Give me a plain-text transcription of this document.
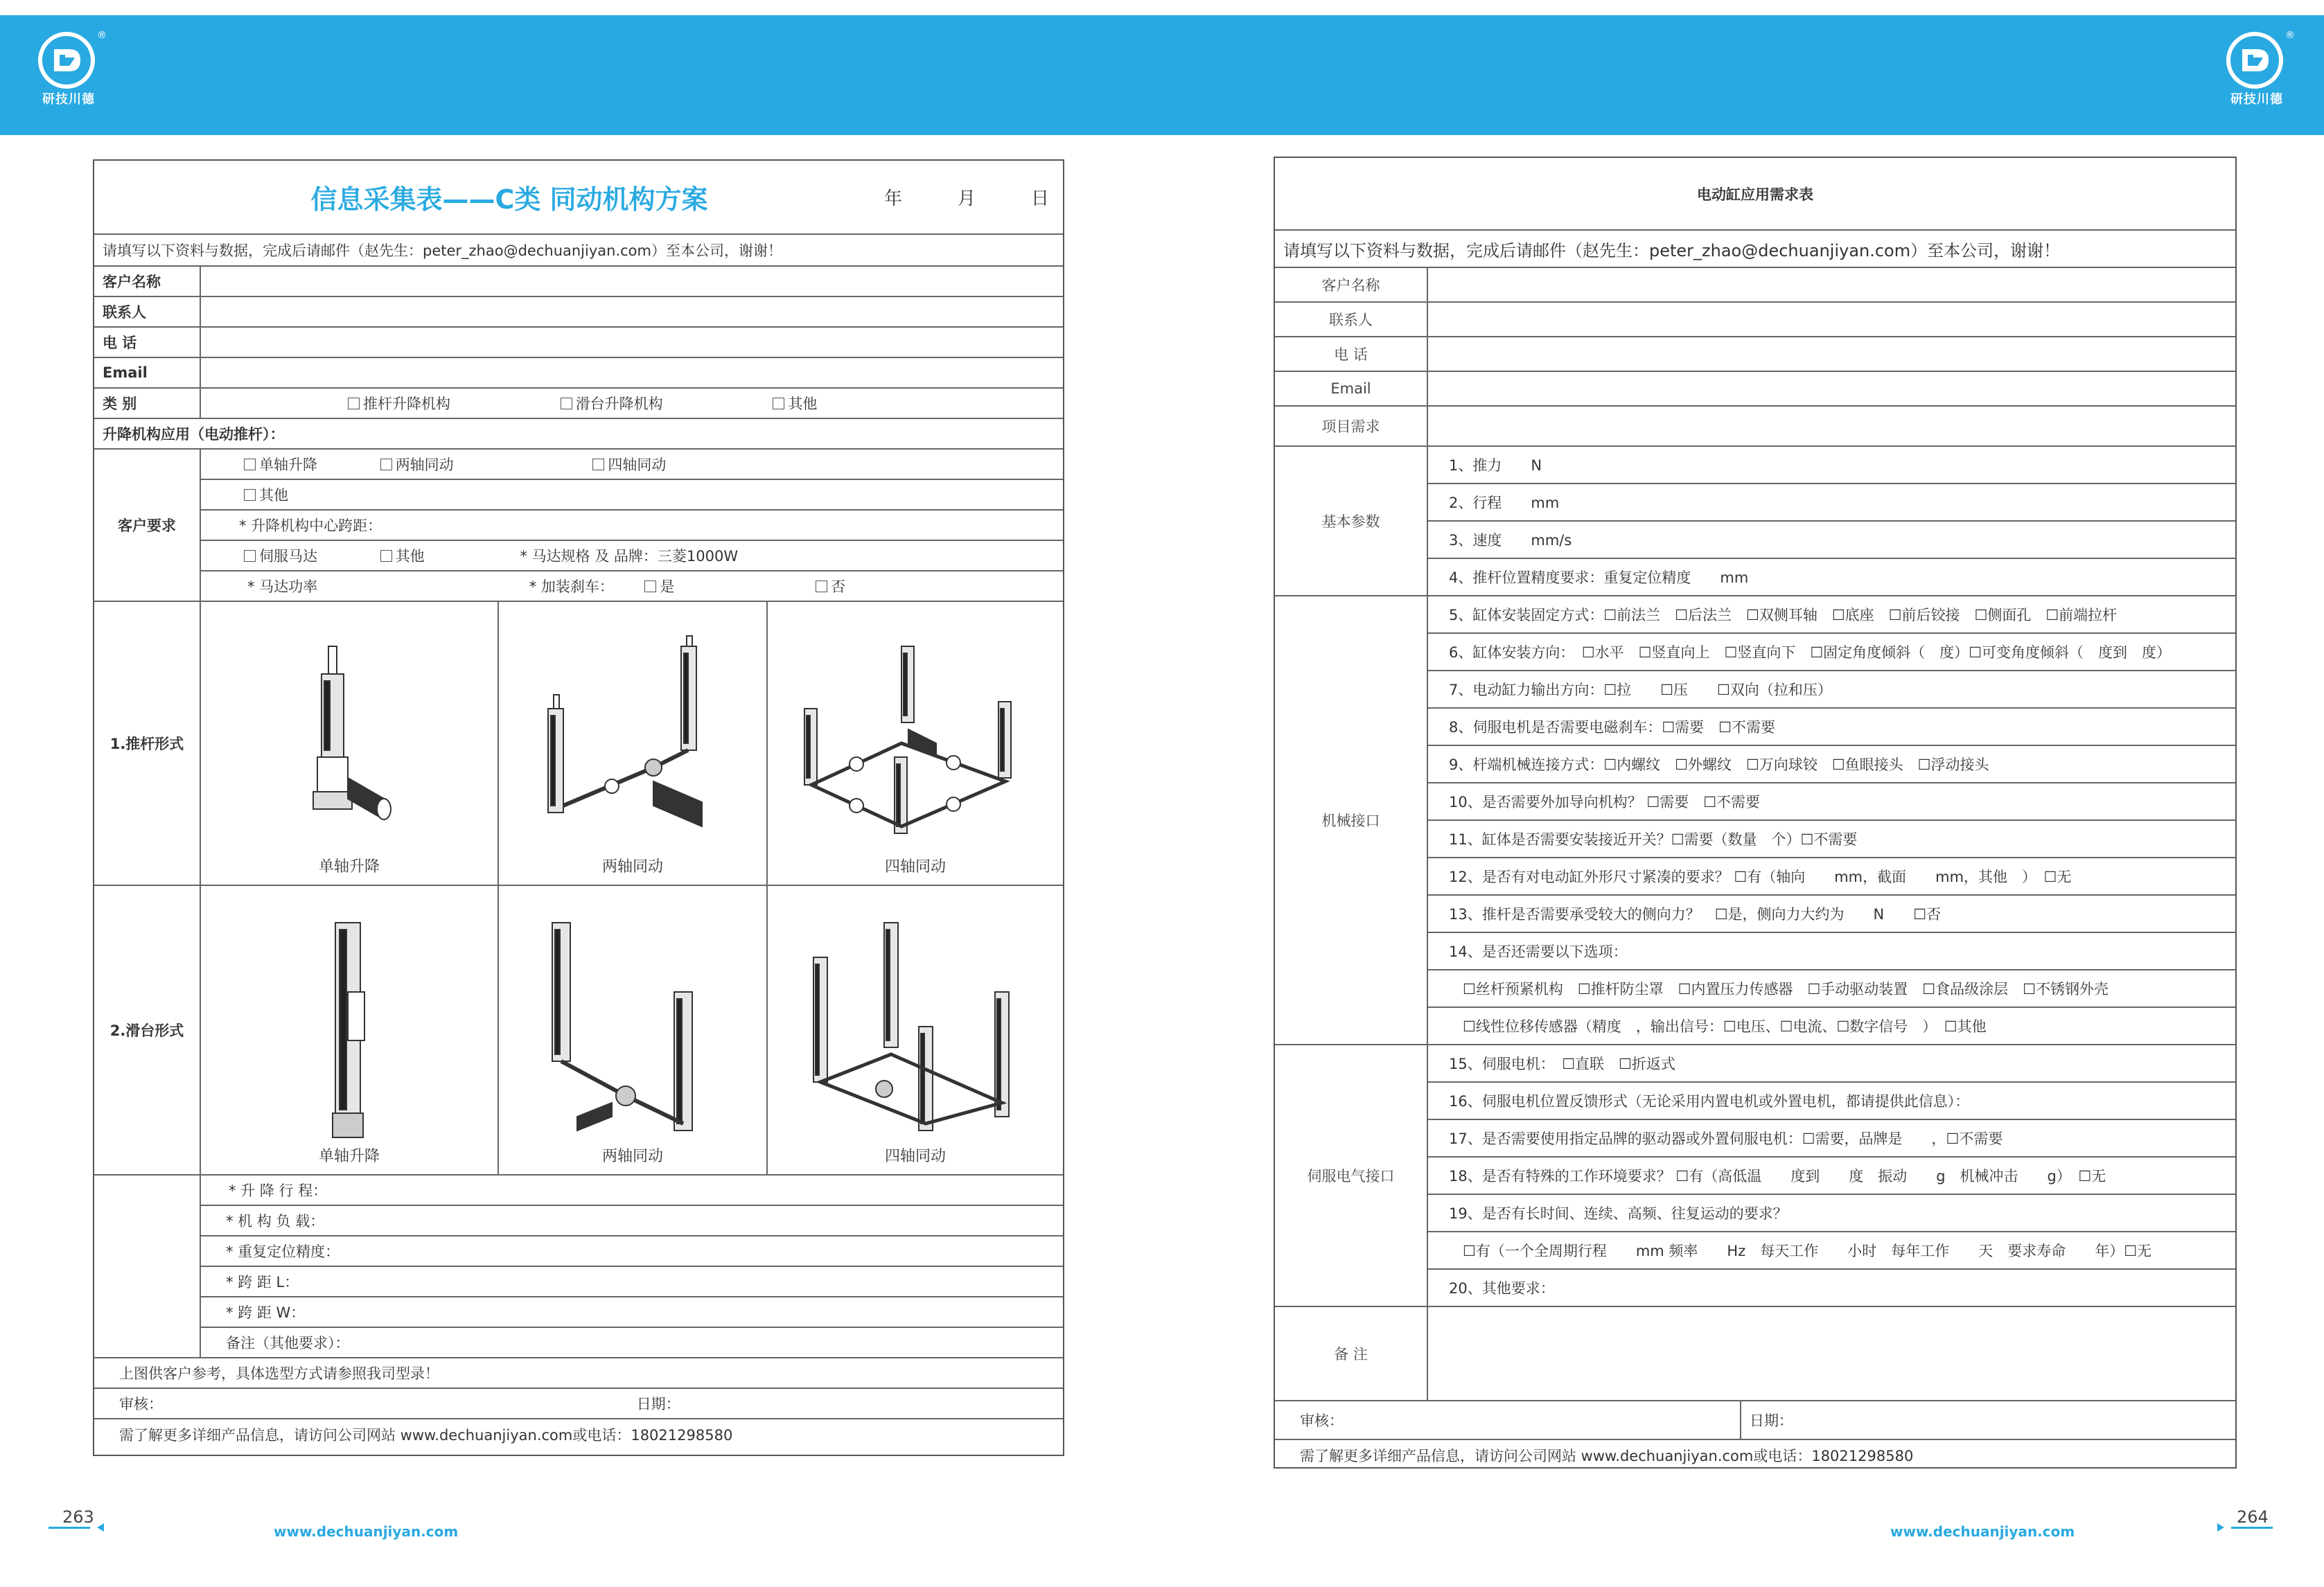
研技川德
®
研技川德
®
信息采集表——C类 同动机构方案 年 月 日			

请填写以下资料与数据，完成后请邮件（赵先生：peter_zhao@dechuanjiyan.com）至本公司，谢谢！			
客户名称			
联系人			
电 话			
Email			
类 别	推杆升降机构 滑台升降机构 其他		
升降机构应用（电动推杆）：			
客户要求	单轴升降 两轴同动 四轴同动		
	其他		
	* 升降机构中心跨距：		
	伺服马达 其他 * 马达规格 及 品牌：三菱1000W		
	* 马达功率 * 加装刹车： 是 否		
1.推杆形式	单轴升降	两轴同动	四轴同动

2.滑台形式	单轴升降	两轴同动	四轴同动

	* 升 降 行 程：		
	* 机 构 负 载：		
	* 重复定位精度：		
	* 跨 距 L：		
	* 跨 距 W：		
	备注（其他要求）：		
上图供客户参考，具体选型方式请参照我司型录！			
审核： 日期：			
需了解更多详细产品信息，请访问公司网站 www.dechuanjiyan.com或电话：18021298580			
电动缸应用需求表		
请填写以下资料与数据，完成后请邮件（赵先生：peter_zhao@dechuanjiyan.com）至本公司，谢谢！		
客户名称		
联系人		
电 话		
Email		
项目需求		
基本参数	1、推力　　N	
	2、行程　　mm	
	3、速度　　mm/s	
	4、推杆位置精度要求：重复定位精度　　mm	
机械接口	5、缸体安装固定方式：☐前法兰　☐后法兰　☐双侧耳轴　☐底座　☐前后铰接　☐侧面孔　☐前端拉杆	
	6、缸体安装方向：　☐水平　☐竖直向上　☐竖直向下　☐固定角度倾斜（　度）☐可变角度倾斜（　度到　度）	
	7、电动缸力输出方向：☐拉　　☐压　　☐双向（拉和压）	
	8、伺服电机是否需要电磁刹车：☐需要　☐不需要	
	9、杆端机械连接方式：☐内螺纹　☐外螺纹　☐万向球铰　☐鱼眼接头　☐浮动接头	
	10、是否需要外加导向机构？ ☐需要　☐不需要	
	11、缸体是否需要安装接近开关？☐需要（数量　个）☐不需要	
	12、是否有对电动缸外形尺寸紧凑的要求？ ☐有（轴向　　mm，截面　　mm，其他　）　☐无	
	13、推杆是否需要承受较大的侧向力？　☐是，侧向力大约为　　N　　☐否	
	14、是否还需要以下选项：	
	☐丝杆预紧机构　☐推杆防尘罩　☐内置压力传感器　☐手动驱动装置　☐食品级涂层　☐不锈钢外壳	
	☐线性位移传感器（精度　，输出信号：☐电压、☐电流、☐数字信号　）　☐其他	
伺服电气接口	15、伺服电机：　☐直联　☐折返式	
	16、伺服电机位置反馈形式（无论采用内置电机或外置电机，都请提供此信息）：	
	17、是否需要使用指定品牌的驱动器或外置伺服电机：☐需要，品牌是　　，☐不需要	
	18、是否有特殊的工作环境要求？ ☐有（高低温　　度到　　度　振动　　g　机械冲击　　g）　☐无	
	19、是否有长时间、连续、高频、往复运动的要求？	
	☐有（一个全周期行程　　mm 频率　　Hz　每天工作　　小时　每年工作　　天　要求寿命　　年）☐无	
	20、其他要求：	
备 注		
审核：		日期：
需了解更多详细产品信息，请访问公司网站 www.dechuanjiyan.com或电话：18021298580		
263
www.dechuanjiyan.com	www.dechuanjiyan.com
264
